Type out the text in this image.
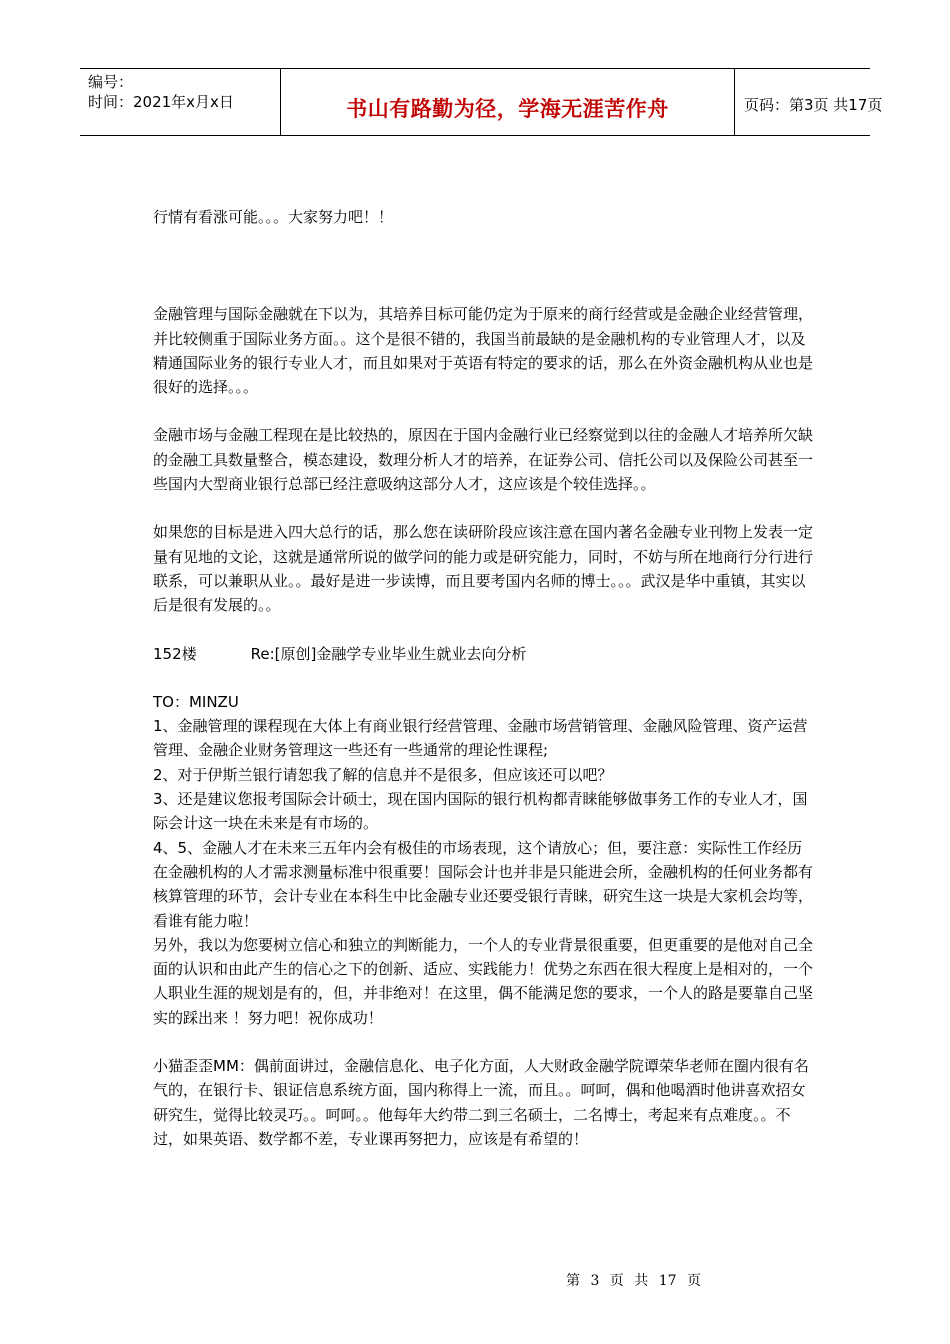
编号：
时间：2021年x月x日	书山有路勤为径，学海无涯苦作舟	页码：第3页 共17页

行情有看涨可能。。。大家努力吧！！

金融管理与国际金融就在下以为，其培养目标可能仍定为于原来的商行经营或是金融企业经营管理，并比较侧重于国际业务方面。。这个是很不错的，我国当前最缺的是金融机构的专业管理人才，以及精通国际业务的银行专业人才，而且如果对于英语有特定的要求的话，那么在外资金融机构从业也是很好的选择。。。

金融市场与金融工程现在是比较热的，原因在于国内金融行业已经察觉到以往的金融人才培养所欠缺的金融工具数量整合，模态建设，数理分析人才的培养，在证券公司、信托公司以及保险公司甚至一些国内大型商业银行总部已经注意吸纳这部分人才，这应该是个较佳选择。。

如果您的目标是进入四大总行的话，那么您在读研阶段应该注意在国内著名金融专业刊物上发表一定量有见地的文论，这就是通常所说的做学问的能力或是研究能力，同时，不妨与所在地商行分行进行联系，可以兼职从业。。最好是进一步读博，而且要考国内名师的博士。。。武汉是华中重镇，其实以后是很有发展的。。

152楼	Re:[原创]金融学专业毕业生就业去向分析

TO：MINZU

1、金融管理的课程现在大体上有商业银行经营管理、金融市场营销管理、金融风险管理、资产运营管理、金融企业财务管理这一些还有一些通常的理论性课程;

2、对于伊斯兰银行请恕我了解的信息并不是很多，但应该还可以吧？

3、还是建议您报考国际会计硕士，现在国内国际的银行机构都青睐能够做事务工作的专业人才，国际会计这一块在未来是有市场的。

4、5、金融人才在未来三五年内会有极佳的市场表现，这个请放心；但，要注意：实际性工作经历在金融机构的人才需求测量标准中很重要！国际会计也并非是只能进会所，金融机构的任何业务都有核算管理的环节，会计专业在本科生中比金融专业还要受银行青睐，研究生这一块是大家机会均等，看谁有能力啦！

另外，我以为您要树立信心和独立的判断能力，一个人的专业背景很重要，但更重要的是他对自己全面的认识和由此产生的信心之下的创新、适应、实践能力！优势之东西在很大程度上是相对的，一个人职业生涯的规划是有的，但，并非绝对！在这里，偶不能满足您的要求，一个人的路是要靠自己坚实的踩出来 ！努力吧！祝你成功！

小猫歪歪MM：偶前面讲过，金融信息化、电子化方面，人大财政金融学院谭荣华老师在圈内很有名气的，在银行卡、银证信息系统方面，国内称得上一流，而且。。呵呵，偶和他喝酒时他讲喜欢招女研究生，觉得比较灵巧。。呵呵。。他每年大约带二到三名硕士，二名博士，考起来有点难度。。不过，如果英语、数学都不差，专业课再努把力，应该是有希望的！

第 3 页 共 17 页
